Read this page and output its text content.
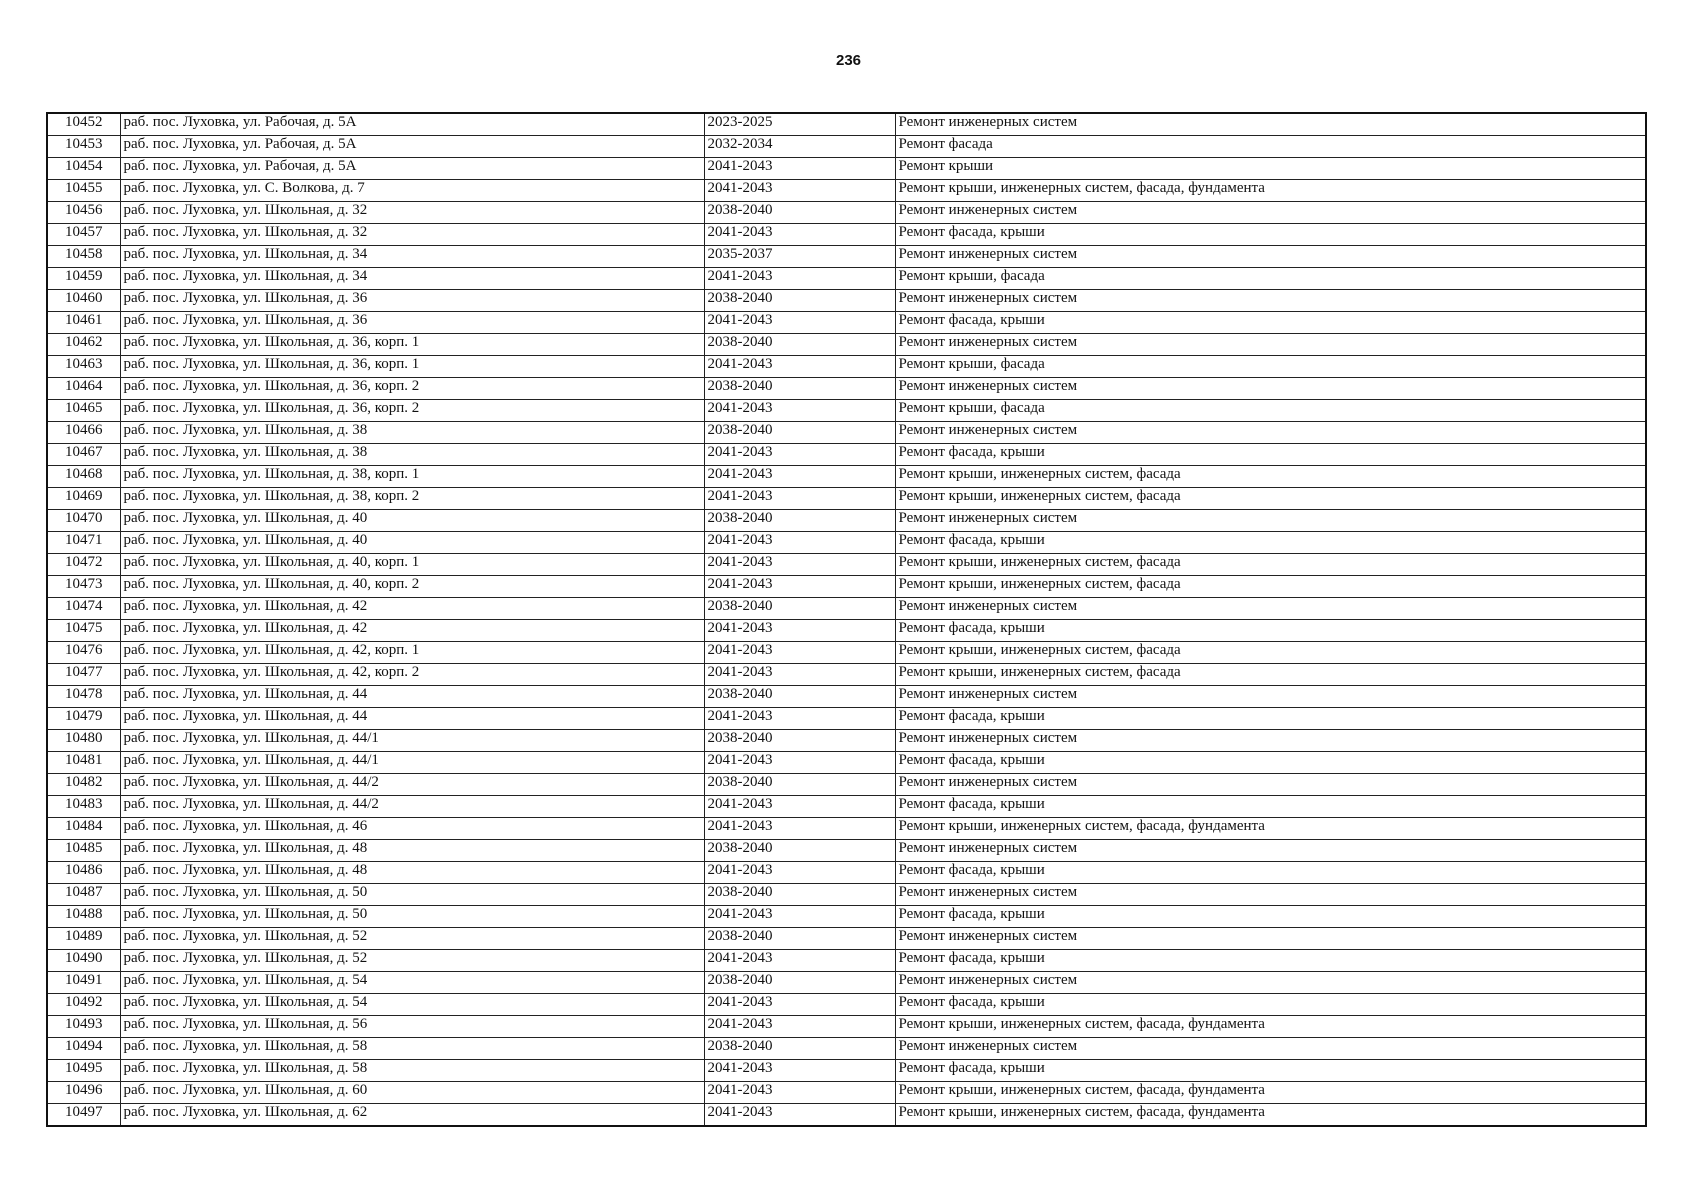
236
10452	раб. пос. Луховка, ул. Рабочая, д. 5А	2023-2025	Ремонт инженерных систем
10453	раб. пос. Луховка, ул. Рабочая, д. 5А	2032-2034	Ремонт фасада
10454	раб. пос. Луховка, ул. Рабочая, д. 5А	2041-2043	Ремонт крыши
10455	раб. пос. Луховка, ул. С. Волкова, д. 7	2041-2043	Ремонт крыши, инженерных систем, фасада, фундамента
10456	раб. пос. Луховка, ул. Школьная, д. 32	2038-2040	Ремонт инженерных систем
10457	раб. пос. Луховка, ул. Школьная, д. 32	2041-2043	Ремонт фасада, крыши
10458	раб. пос. Луховка, ул. Школьная, д. 34	2035-2037	Ремонт инженерных систем
10459	раб. пос. Луховка, ул. Школьная, д. 34	2041-2043	Ремонт крыши, фасада
10460	раб. пос. Луховка, ул. Школьная, д. 36	2038-2040	Ремонт инженерных систем
10461	раб. пос. Луховка, ул. Школьная, д. 36	2041-2043	Ремонт фасада, крыши
10462	раб. пос. Луховка, ул. Школьная, д. 36, корп. 1	2038-2040	Ремонт инженерных систем
10463	раб. пос. Луховка, ул. Школьная, д. 36, корп. 1	2041-2043	Ремонт крыши, фасада
10464	раб. пос. Луховка, ул. Школьная, д. 36, корп. 2	2038-2040	Ремонт инженерных систем
10465	раб. пос. Луховка, ул. Школьная, д. 36, корп. 2	2041-2043	Ремонт крыши, фасада
10466	раб. пос. Луховка, ул. Школьная, д. 38	2038-2040	Ремонт инженерных систем
10467	раб. пос. Луховка, ул. Школьная, д. 38	2041-2043	Ремонт фасада, крыши
10468	раб. пос. Луховка, ул. Школьная, д. 38, корп. 1	2041-2043	Ремонт крыши, инженерных систем, фасада
10469	раб. пос. Луховка, ул. Школьная, д. 38, корп. 2	2041-2043	Ремонт крыши, инженерных систем, фасада
10470	раб. пос. Луховка, ул. Школьная, д. 40	2038-2040	Ремонт инженерных систем
10471	раб. пос. Луховка, ул. Школьная, д. 40	2041-2043	Ремонт фасада, крыши
10472	раб. пос. Луховка, ул. Школьная, д. 40, корп. 1	2041-2043	Ремонт крыши, инженерных систем, фасада
10473	раб. пос. Луховка, ул. Школьная, д. 40, корп. 2	2041-2043	Ремонт крыши, инженерных систем, фасада
10474	раб. пос. Луховка, ул. Школьная, д. 42	2038-2040	Ремонт инженерных систем
10475	раб. пос. Луховка, ул. Школьная, д. 42	2041-2043	Ремонт фасада, крыши
10476	раб. пос. Луховка, ул. Школьная, д. 42, корп. 1	2041-2043	Ремонт крыши, инженерных систем, фасада
10477	раб. пос. Луховка, ул. Школьная, д. 42, корп. 2	2041-2043	Ремонт крыши, инженерных систем, фасада
10478	раб. пос. Луховка, ул. Школьная, д. 44	2038-2040	Ремонт инженерных систем
10479	раб. пос. Луховка, ул. Школьная, д. 44	2041-2043	Ремонт фасада, крыши
10480	раб. пос. Луховка, ул. Школьная, д. 44/1	2038-2040	Ремонт инженерных систем
10481	раб. пос. Луховка, ул. Школьная, д. 44/1	2041-2043	Ремонт фасада, крыши
10482	раб. пос. Луховка, ул. Школьная, д. 44/2	2038-2040	Ремонт инженерных систем
10483	раб. пос. Луховка, ул. Школьная, д. 44/2	2041-2043	Ремонт фасада, крыши
10484	раб. пос. Луховка, ул. Школьная, д. 46	2041-2043	Ремонт крыши, инженерных систем, фасада, фундамента
10485	раб. пос. Луховка, ул. Школьная, д. 48	2038-2040	Ремонт инженерных систем
10486	раб. пос. Луховка, ул. Школьная, д. 48	2041-2043	Ремонт фасада, крыши
10487	раб. пос. Луховка, ул. Школьная, д. 50	2038-2040	Ремонт инженерных систем
10488	раб. пос. Луховка, ул. Школьная, д. 50	2041-2043	Ремонт фасада, крыши
10489	раб. пос. Луховка, ул. Школьная, д. 52	2038-2040	Ремонт инженерных систем
10490	раб. пос. Луховка, ул. Школьная, д. 52	2041-2043	Ремонт фасада, крыши
10491	раб. пос. Луховка, ул. Школьная, д. 54	2038-2040	Ремонт инженерных систем
10492	раб. пос. Луховка, ул. Школьная, д. 54	2041-2043	Ремонт фасада, крыши
10493	раб. пос. Луховка, ул. Школьная, д. 56	2041-2043	Ремонт крыши, инженерных систем, фасада, фундамента
10494	раб. пос. Луховка, ул. Школьная, д. 58	2038-2040	Ремонт инженерных систем
10495	раб. пос. Луховка, ул. Школьная, д. 58	2041-2043	Ремонт фасада, крыши
10496	раб. пос. Луховка, ул. Школьная, д. 60	2041-2043	Ремонт крыши, инженерных систем, фасада, фундамента
10497	раб. пос. Луховка, ул. Школьная, д. 62	2041-2043	Ремонт крыши, инженерных систем, фасада, фундамента
